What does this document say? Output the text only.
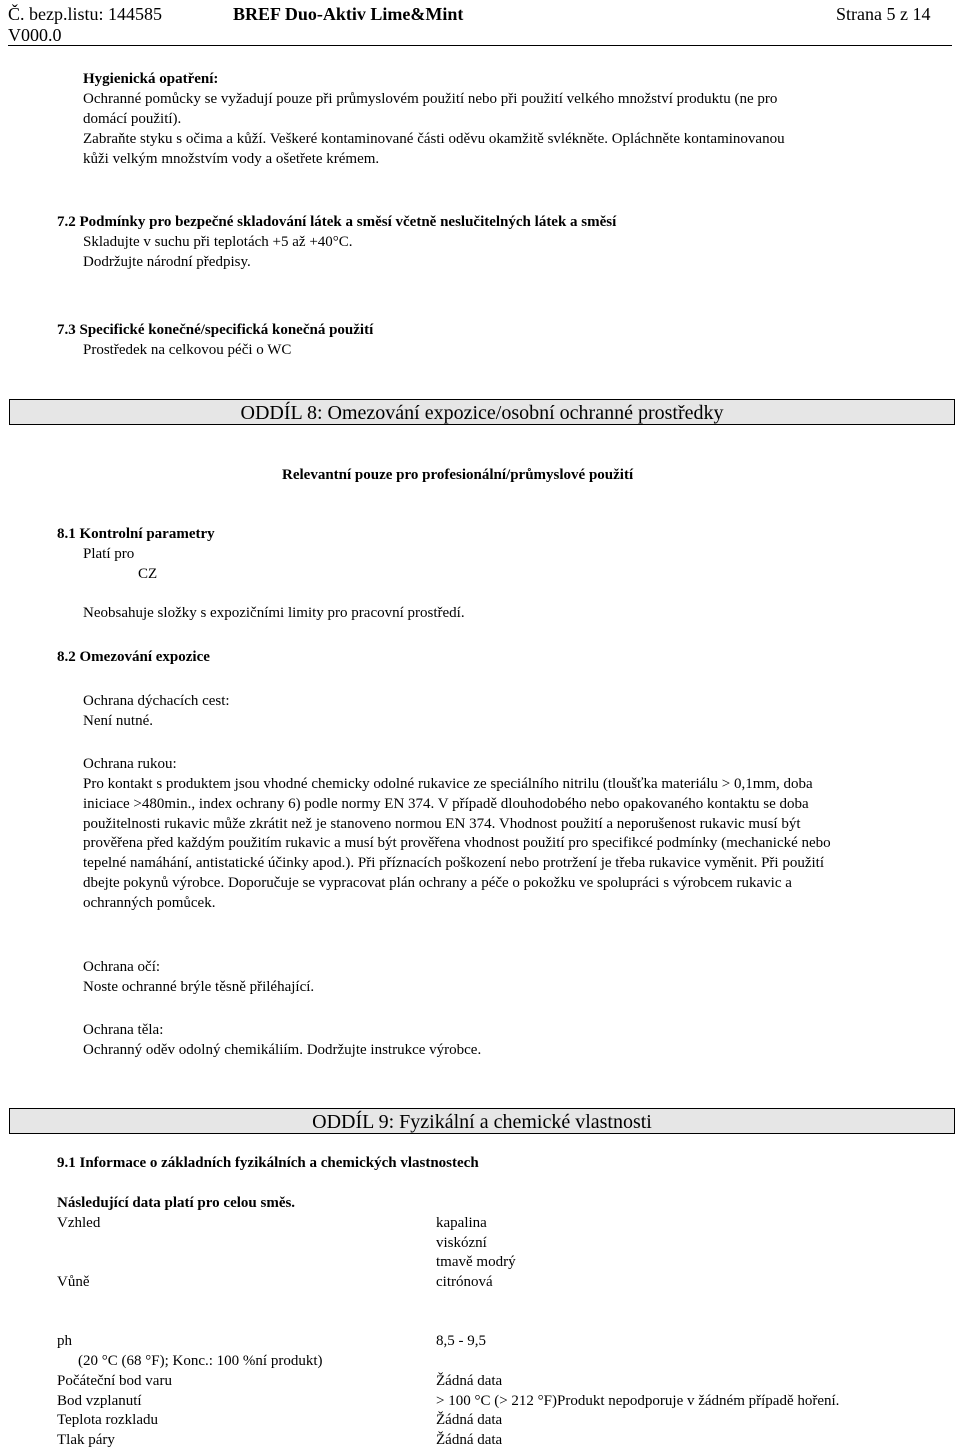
Č. bezp.listu: 144585
V000.0
BREF Duo-Aktiv Lime&Mint	Strana 5 z 14
Hygienická opatření:
Ochranné pomůcky se vyžadují pouze při průmyslovém použití nebo při použití velkého množství produktu (ne pro
domácí použití).
Zabraňte styku s očima a kůží. Veškeré kontaminované části oděvu okamžitě svlékněte. Opláchněte kontaminovanou
kůži velkým množstvím vody a ošetřete krémem.
7.2 Podmínky pro bezpečné skladování látek a směsí včetně neslučitelných látek a směsí
Skladujte v suchu při teplotách +5 až +40°C.
Dodržujte národní předpisy.
7.3 Specifické konečné/specifická konečná použití
Prostředek na celkovou péči o WC
ODDÍL 8: Omezování expozice/osobní ochranné prostředky
Relevantní pouze pro profesionální/průmyslové použití
8.1 Kontrolní parametry
Platí pro
CZ
Neobsahuje složky s expozičními limity pro pracovní prostředí.
8.2 Omezování expozice
Ochrana dýchacích cest:
Není nutné.
Ochrana rukou:
Pro kontakt s produktem jsou vhodné chemicky odolné rukavice ze speciálního nitrilu (tloušťka materiálu > 0,1mm, doba
iniciace >480min., index ochrany 6) podle normy EN 374. V případě dlouhodobého nebo opakovaného kontaktu se doba
použitelnosti rukavic může zkrátit než je stanoveno normou EN 374. Vhodnost použití a neporušenost rukavic musí být
prověřena před každým použitím rukavic a musí být prověřena vhodnost použití pro specifikcé podmínky (mechanické nebo
tepelné namáhání, antistatické účinky apod.). Při příznacích poškození nebo protržení je třeba rukavice vyměnit. Při použití
dbejte pokynů výrobce. Doporučuje se vypracovat plán ochrany a péče o pokožku ve spolupráci s výrobcem rukavic a
ochranných pomůcek.
Ochrana očí:
Noste ochranné brýle těsně přiléhající.
Ochrana těla:
Ochranný oděv odolný chemikáliím. Dodržujte instrukce výrobce.
ODDÍL 9: Fyzikální a chemické vlastnosti
9.1 Informace o základních fyzikálních a chemických vlastnostech
Následující data platí pro celou směs.
Vzhled	kapalina
viskózní
tmavě modrý
Vůně	citrónová
ph	8,5 - 9,5
(20 °C (68 °F); Konc.: 100 %ní produkt)
Počáteční bod varu	Žádná data
Bod vzplanutí	> 100 °C (> 212 °F)Produkt nepodporuje v žádném případě hoření.
Teplota rozkladu	Žádná data
Tlak páry	Žádná data
